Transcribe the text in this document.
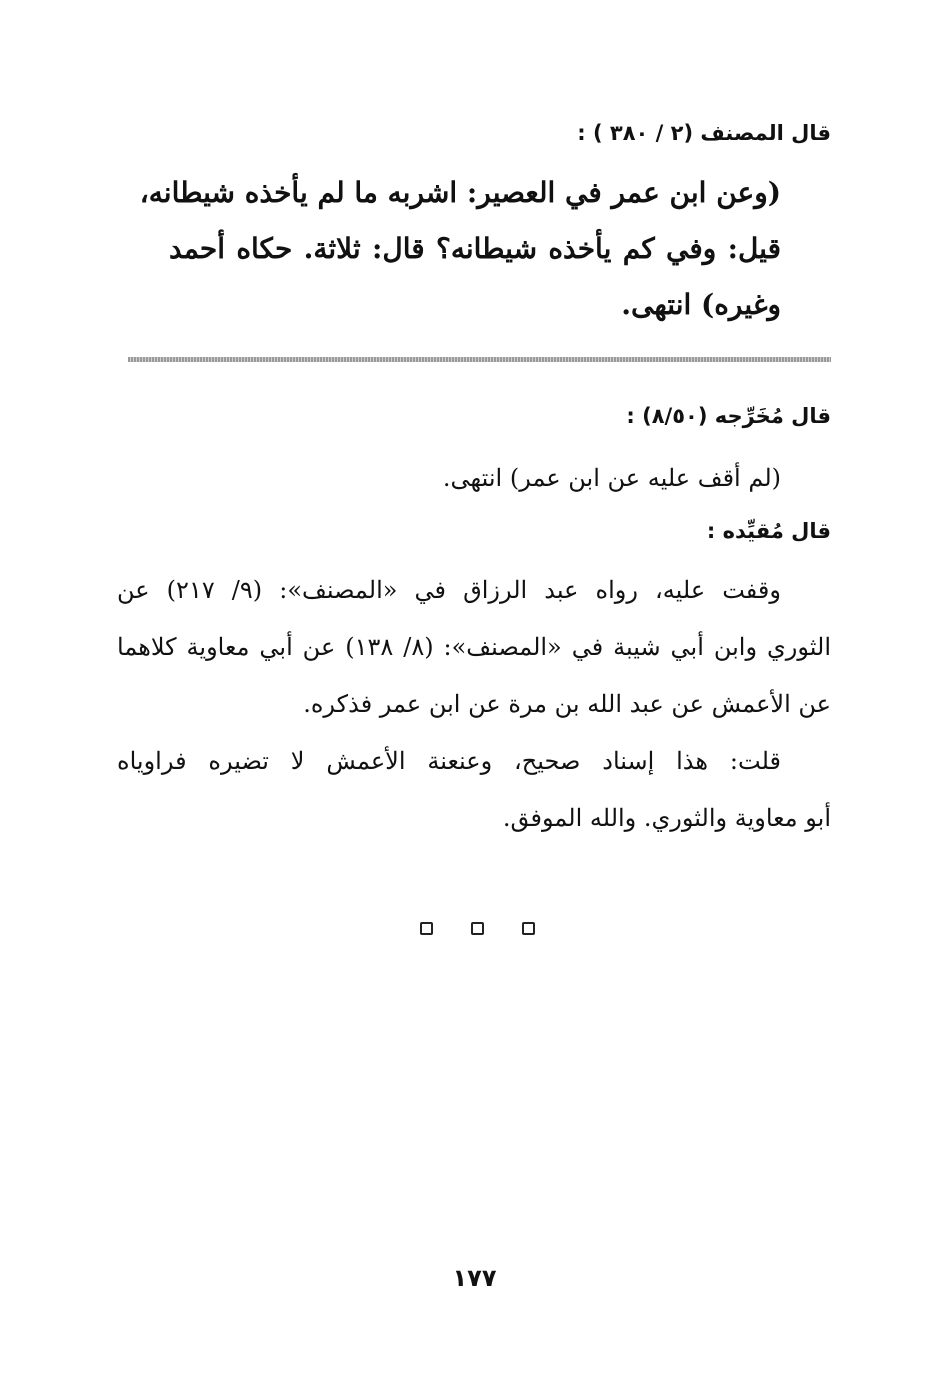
قال المصنف (٢ / ٣٨٠ ) :
(وعن ابن عمر في العصير: اشربه ما لم يأخذه شيطانه،
قيل: وفي كم يأخذه شيطانه؟ قال: ثلاثة. حكاه أحمد
وغيره) انتهى.
قال مُخَرِّجه (٨/٥٠) :
(لم أقف عليه عن ابن عمر) انتهى.
قال مُقيِّده :
وقفت عليه، رواه عبد الرزاق في «المصنف»: (٩/ ٢١٧) عن
الثوري وابن أبي شيبة في «المصنف»: (٨/ ١٣٨) عن أبي معاوية كلاهما
عن الأعمش عن عبد الله بن مرة عن ابن عمر فذكره.
قلت: هذا إسناد صحيح، وعنعنة الأعمش لا تضيره فراوياه
أبو معاوية والثوري. والله الموفق.
١٧٧
